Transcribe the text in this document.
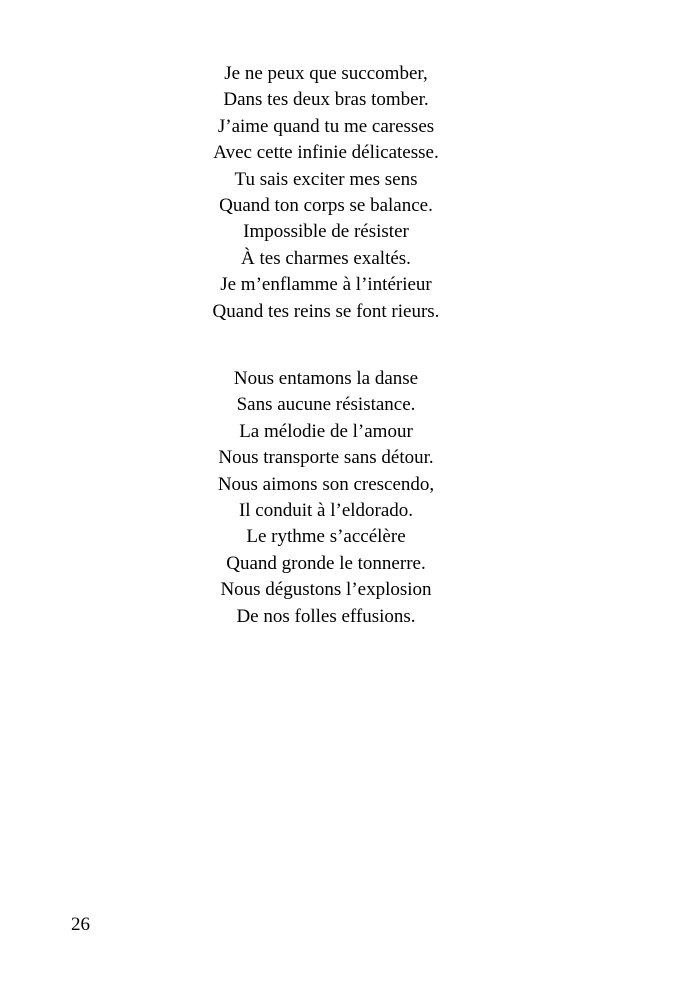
Je ne peux que succomber,
Dans tes deux bras tomber.
J’aime quand tu me caresses
Avec cette infinie délicatesse.
Tu sais exciter mes sens
Quand ton corps se balance.
Impossible de résister
À tes charmes exaltés.
Je m’enflamme à l’intérieur
Quand tes reins se font rieurs.
Nous entamons la danse
Sans aucune résistance.
La mélodie de l’amour
Nous transporte sans détour.
Nous aimons son crescendo,
Il conduit à l’eldorado.
Le rythme s’accélère
Quand gronde le tonnerre.
Nous dégustons l’explosion
De nos folles effusions.
26
